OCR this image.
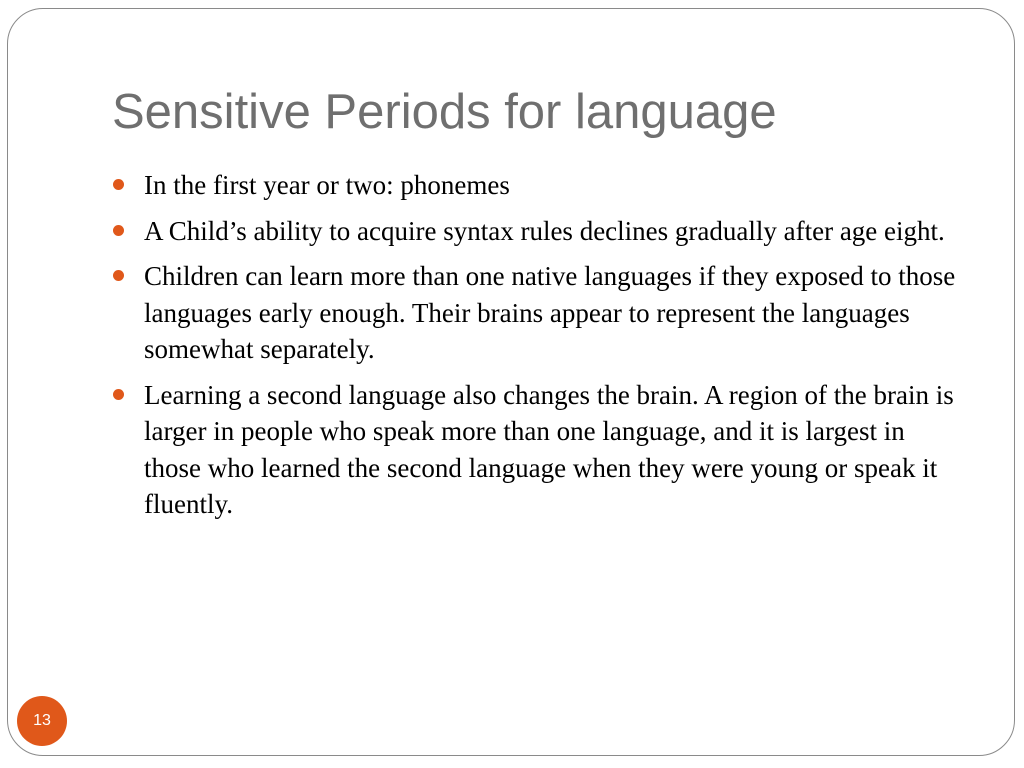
Sensitive Periods for language
In the first year or two: phonemes
A Child’s ability to acquire syntax rules declines gradually after age eight.
Children can learn more than one native languages if they exposed to those languages early enough. Their brains appear to represent the languages somewhat separately.
Learning a second language also changes the brain. A region of the brain is larger in people who speak more than one language, and it is largest in those who learned the second language when they were young or speak it fluently.
13
